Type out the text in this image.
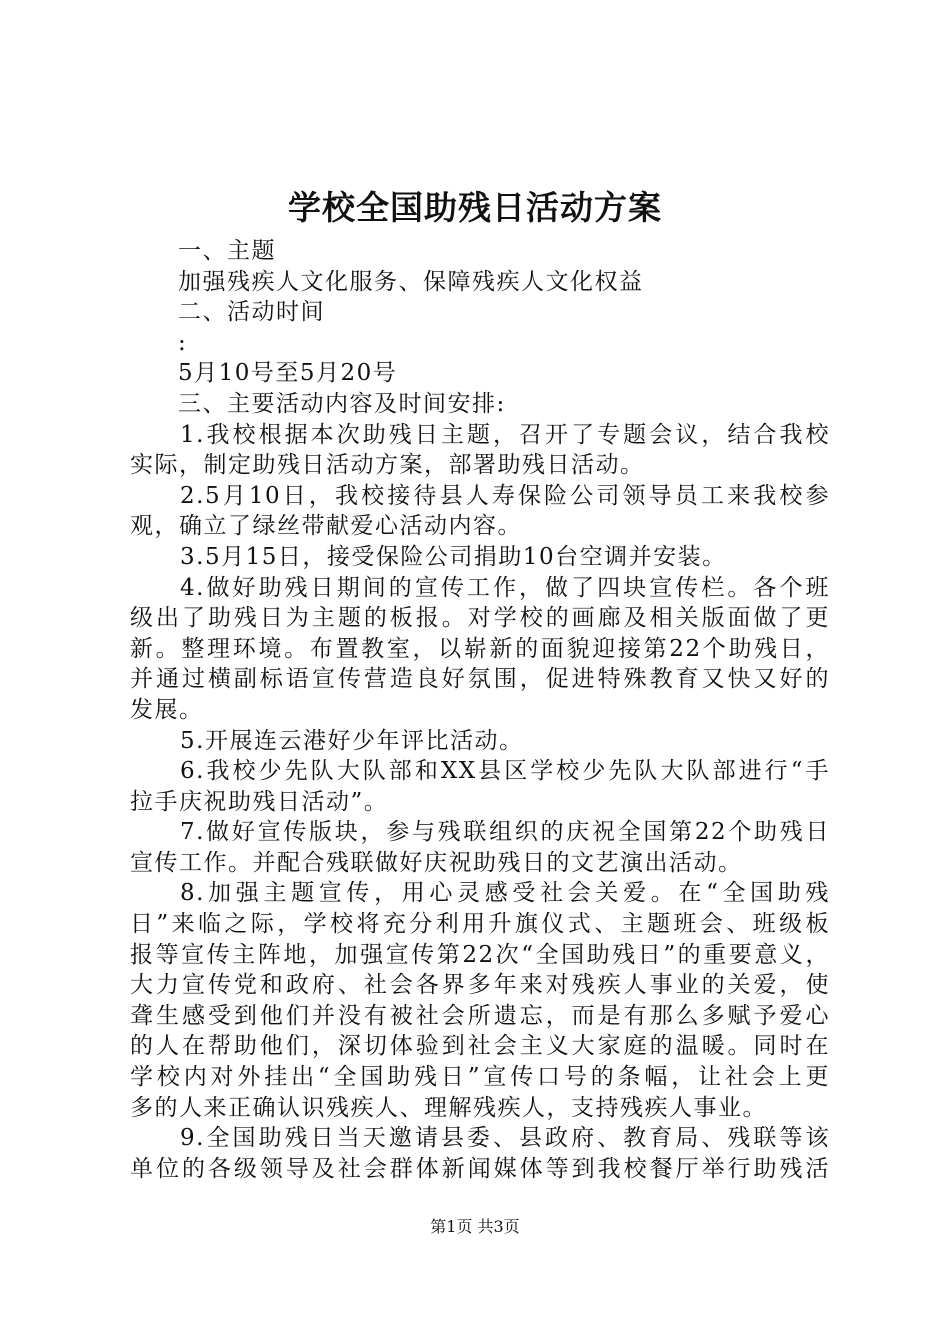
学校全国助残日活动方案
一、主题
加强残疾人文化服务、保障残疾人文化权益
二、活动时间
:
5月10号至5月20号
三、主要活动内容及时间安排:
1.我校根据本次助残日主题，召开了专题会议，结合我校
实际，制定助残日活动方案，部署助残日活动。
2.5月10日，我校接待县人寿保险公司领导员工来我校参
观，确立了绿丝带献爱心活动内容。
3.5月15日，接受保险公司捐助10台空调并安装。
4.做好助残日期间的宣传工作，做了四块宣传栏。各个班
级出了助残日为主题的板报。对学校的画廊及相关版面做了更
新。整理环境。布置教室，以崭新的面貌迎接第22个助残日，
并通过横副标语宣传营造良好氛围，促进特殊教育又快又好的
发展。
5.开展连云港好少年评比活动。
6.我校少先队大队部和XX县区学校少先队大队部进行“手
拉手庆祝助残日活动”。
7.做好宣传版块，参与残联组织的庆祝全国第22个助残日
宣传工作。并配合残联做好庆祝助残日的文艺演出活动。
8.加强主题宣传，用心灵感受社会关爱。在“全国助残
日”来临之际，学校将充分利用升旗仪式、主题班会、班级板
报等宣传主阵地，加强宣传第22次“全国助残日”的重要意义，
大力宣传党和政府、社会各界多年来对残疾人事业的关爱，使
聋生感受到他们并没有被社会所遗忘，而是有那么多赋予爱心
的人在帮助他们，深切体验到社会主义大家庭的温暖。同时在
学校内对外挂出“全国助残日”宣传口号的条幅，让社会上更
多的人来正确认识残疾人、理解残疾人，支持残疾人事业。
9.全国助残日当天邀请县委、县政府、教育局、残联等该
单位的各级领导及社会群体新闻媒体等到我校餐厅举行助残活
第1页 共3页
